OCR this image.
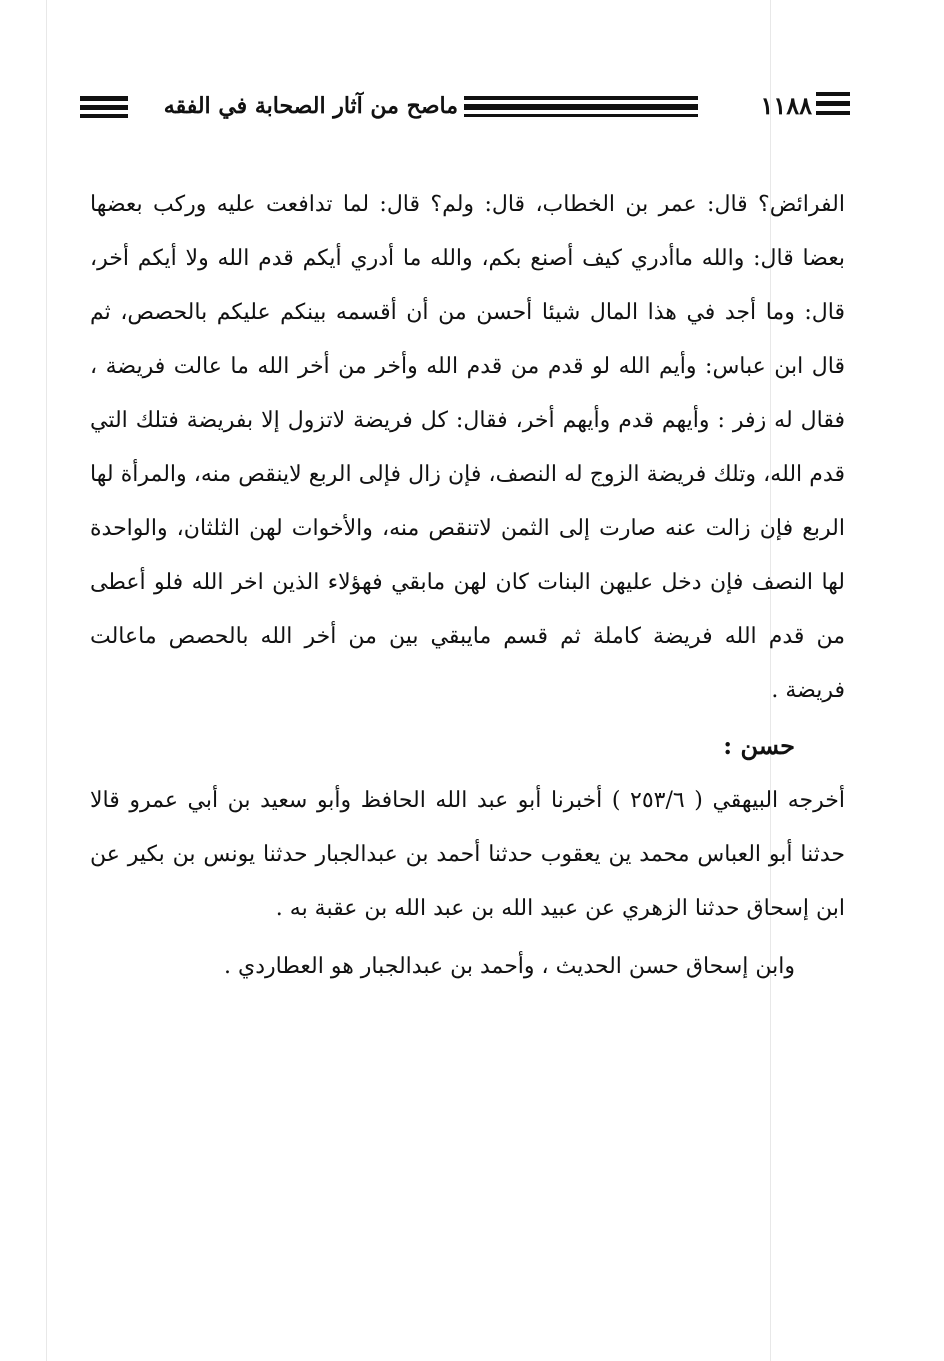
١١٨٨
ماصح من آثار الصحابة في الفقه

الفرائض؟ قال: عمر بن الخطاب، قال: ولم؟ قال: لما تدافعت عليه وركب بعضها بعضا قال: والله ماأدري كيف أصنع بكم، والله ما أدري أيكم قدم الله ولا أيكم أخر، قال: وما أجد في هذا المال شيئا أحسن من أن أقسمه بينكم عليكم بالحصص، ثم قال ابن عباس: وأيم الله لو قدم من قدم الله وأخر من أخر الله ما عالت فريضة ، فقال له زفر : وأيهم قدم وأيهم أخر، فقال: كل فريضة لاتزول إلا بفريضة فتلك التي قدم الله، وتلك فريضة الزوج له النصف، فإن زال فإلى الربع لاينقص منه، والمرأة لها الربع فإن زالت عنه صارت إلى الثمن لاتنقص منه، والأخوات لهن الثلثان، والواحدة لها النصف فإن دخل عليهن البنات كان لهن مابقي فهؤلاء الذين اخر الله فلو أعطى من قدم الله فريضة كاملة ثم قسم مايبقي بين من أخر الله بالحصص ماعالت فريضة .

حسن :

أخرجه البيهقي ( ٢٥٣/٦ ) أخبرنا أبو عبد الله الحافظ وأبو سعيد بن أبي عمرو قالا حدثنا أبو العباس محمد ين يعقوب حدثنا أحمد بن عبدالجبار حدثنا يونس بن بكير عن ابن إسحاق حدثنا الزهري عن عبيد الله بن عبد الله بن عقبة به .

وابن إسحاق حسن الحديث ، وأحمد بن عبدالجبار هو العطاردي .
